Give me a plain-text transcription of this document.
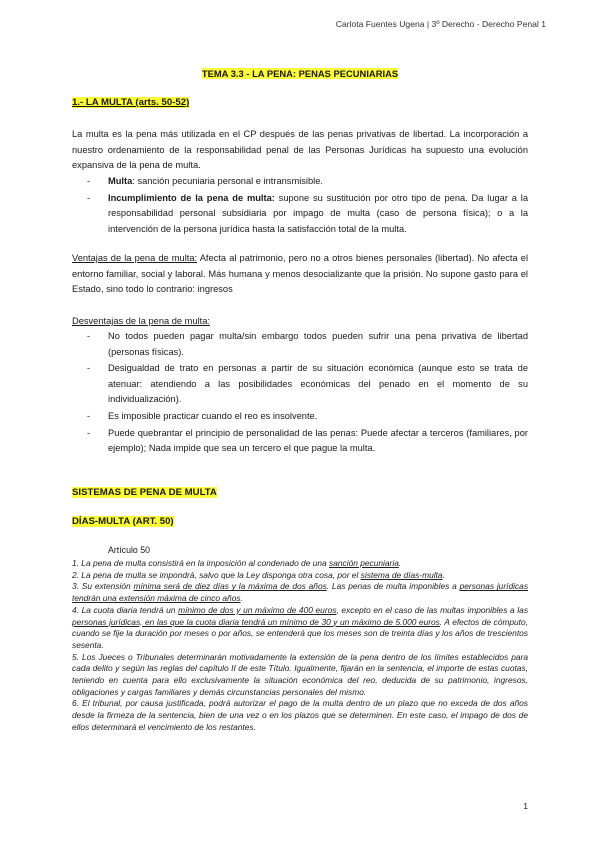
Carlota Fuentes Ugena | 3º Derecho - Derecho Penal 1
TEMA 3.3 - LA PENA: PENAS PECUNIARIAS
1.- LA MULTA (arts. 50-52)
La multa es la pena más utilizada en el CP después de las penas privativas de libertad. La incorporación a nuestro ordenamiento de la responsabilidad penal de las Personas Jurídicas ha supuesto una evolución expansiva de la pena de multa.
- Multa: sanción pecuniaria personal e intransmisible.
- Incumplimiento de la pena de multa: supone su sustitución por otro tipo de pena. Da lugar a la responsabilidad personal subsidiaria por impago de multa (caso de persona física); o a la intervención de la persona jurídica hasta la satisfacción total de la multa.
Ventajas de la pena de multa: Afecta al patrimonio, pero no a otros bienes personales (libertad). No afecta el entorno familiar, social y laboral. Más humana y menos desocializante que la prisión. No supone gasto para el Estado, sino todo lo contrario: ingresos
Desventajas de la pena de multa:
- No todos pueden pagar multa/sin embargo todos pueden sufrir una pena privativa de libertad (personas físicas).
- Desigualdad de trato en personas a partir de su situación económica (aunque esto se trata de atenuar: atendiendo a las posibilidades económicas del penado en el momento de su individualización).
- Es imposible practicar cuando el reo es insolvente.
- Puede quebrantar el principio de personalidad de las penas: Puede afectar a terceros (familiares, por ejemplo); Nada impide que sea un tercero el que pague la multa.
SISTEMAS DE PENA DE MULTA
DÍAS-MULTA (ART. 50)
Artículo 50

1. La pena de multa consistirá en la imposición al condenado de una sanción pecuniaria.

2. La pena de multa se impondrá, salvo que la Ley disponga otra cosa, por el sistema de días-multa.

3. Su extensión mínima será de diez días y la máxima de dos años. Las penas de multa imponibles a personas jurídicas tendrán una extensión máxima de cinco años.

4. La cuota diaria tendrá un mínimo de dos y un máximo de 400 euros, excepto en el caso de las multas imponibles a las personas jurídicas, en las que la cuota diaria tendrá un mínimo de 30 y un máximo de 5.000 euros. A efectos de cómputo, cuando se fije la duración por meses o por años, se entenderá que los meses son de treinta días y los años de trescientos sesenta.

5. Los Jueces o Tribunales determinarán motivadamente la extensión de la pena dentro de los límites establecidos para cada delito y según las reglas del capítulo II de este Título. Igualmente, fijarán en la sentencia, el importe de estas cuotas, teniendo en cuenta para ello exclusivamente la situación económica del reo, deducida de su patrimonio, ingresos, obligaciones y cargas familiares y demás circunstancias personales del mismo.

6. El tribunal, por causa justificada, podrá autorizar el pago de la multa dentro de un plazo que no exceda de dos años desde la firmeza de la sentencia, bien de una vez o en los plazos que se determinen. En este caso, el impago de dos de ellos determinará el vencimiento de los restantes.

1
